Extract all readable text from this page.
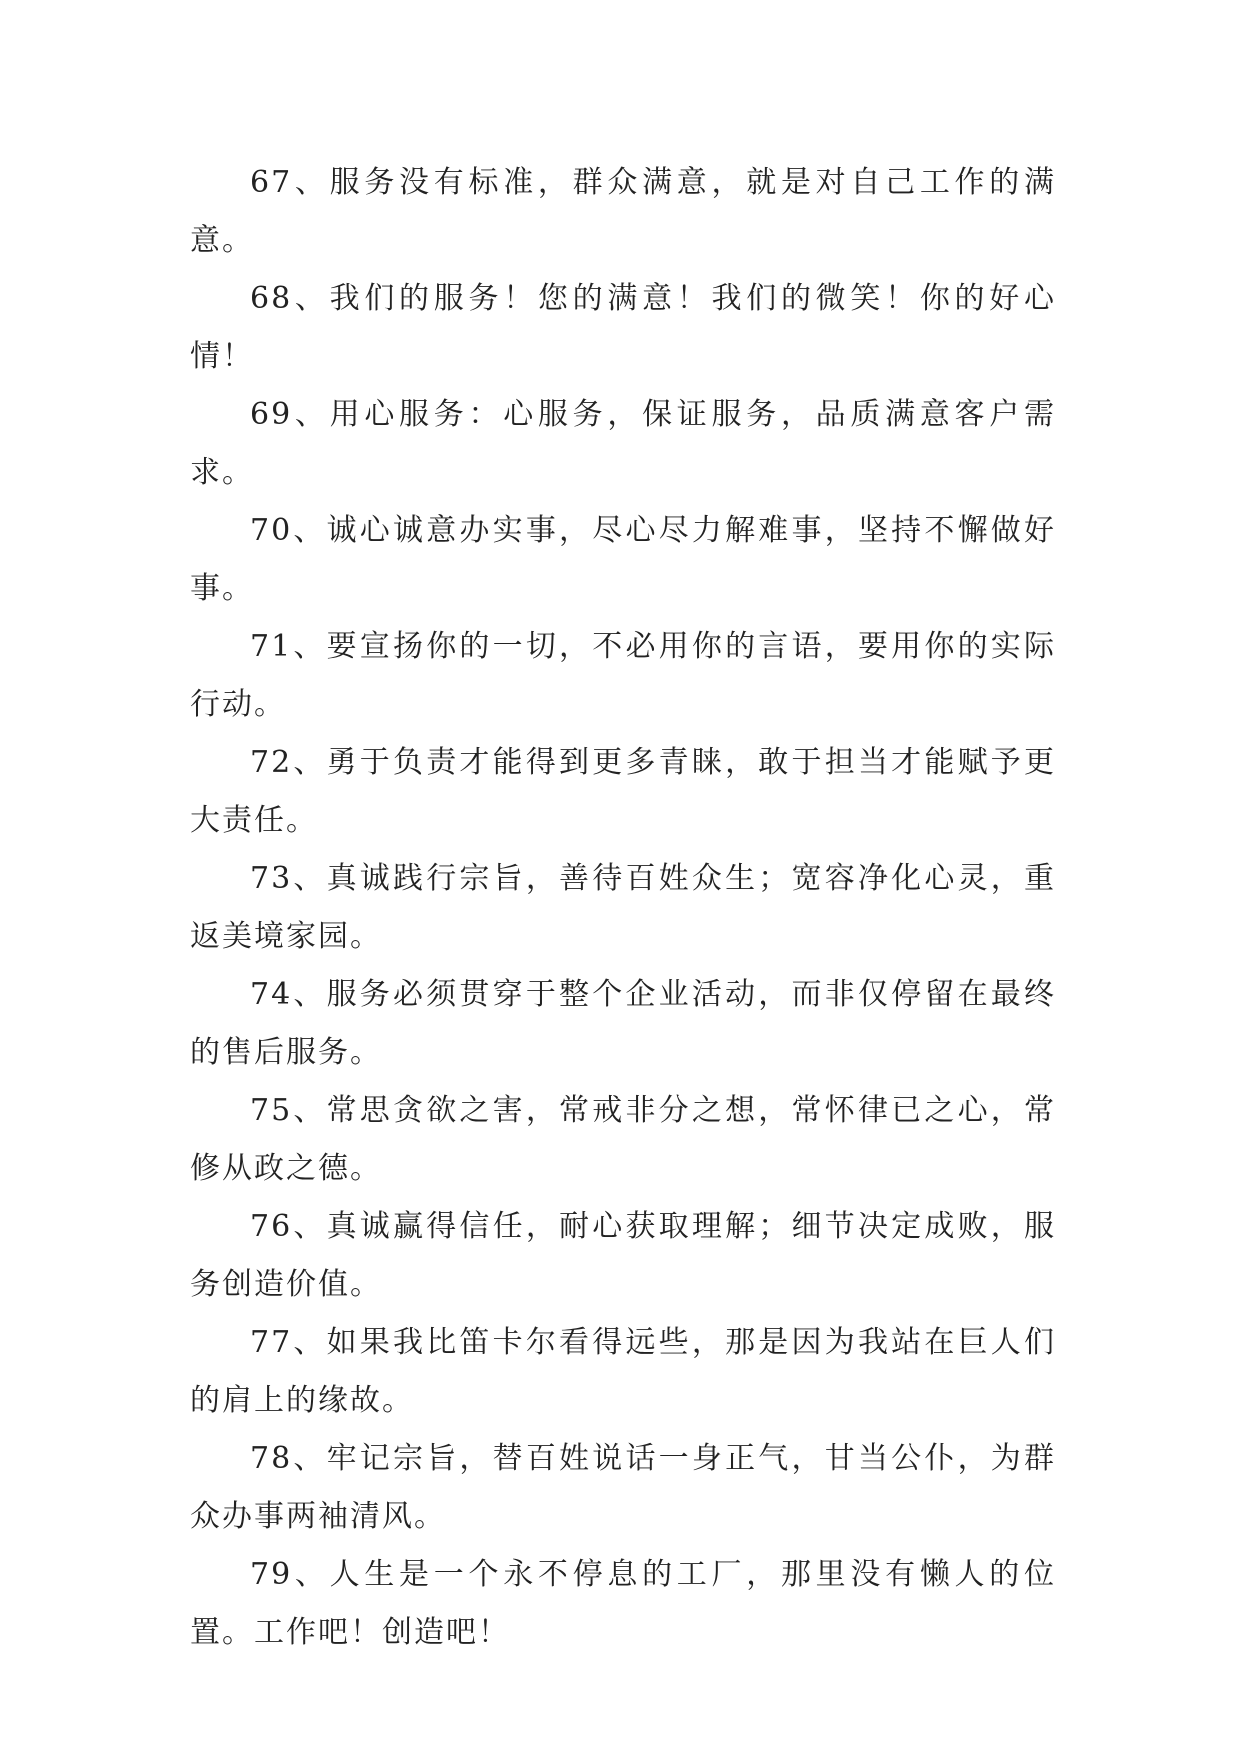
67、服务没有标准，群众满意，就是对自己工作的满意。

68、我们的服务！您的满意！我们的微笑！你的好心情！

69、用心服务：心服务，保证服务，品质满意客户需求。

70、诚心诚意办实事，尽心尽力解难事，坚持不懈做好事。

71、要宣扬你的一切，不必用你的言语，要用你的实际行动。

72、勇于负责才能得到更多青睐，敢于担当才能赋予更大责任。

73、真诚践行宗旨，善待百姓众生；宽容净化心灵，重返美境家园。

74、服务必须贯穿于整个企业活动，而非仅停留在最终的售后服务。

75、常思贪欲之害，常戒非分之想，常怀律已之心，常修从政之德。

76、真诚赢得信任，耐心获取理解；细节决定成败，服务创造价值。

77、如果我比笛卡尔看得远些，那是因为我站在巨人们的肩上的缘故。

78、牢记宗旨，替百姓说话一身正气，甘当公仆，为群众办事两袖清风。

79、人生是一个永不停息的工厂，那里没有懒人的位置。工作吧！创造吧！
